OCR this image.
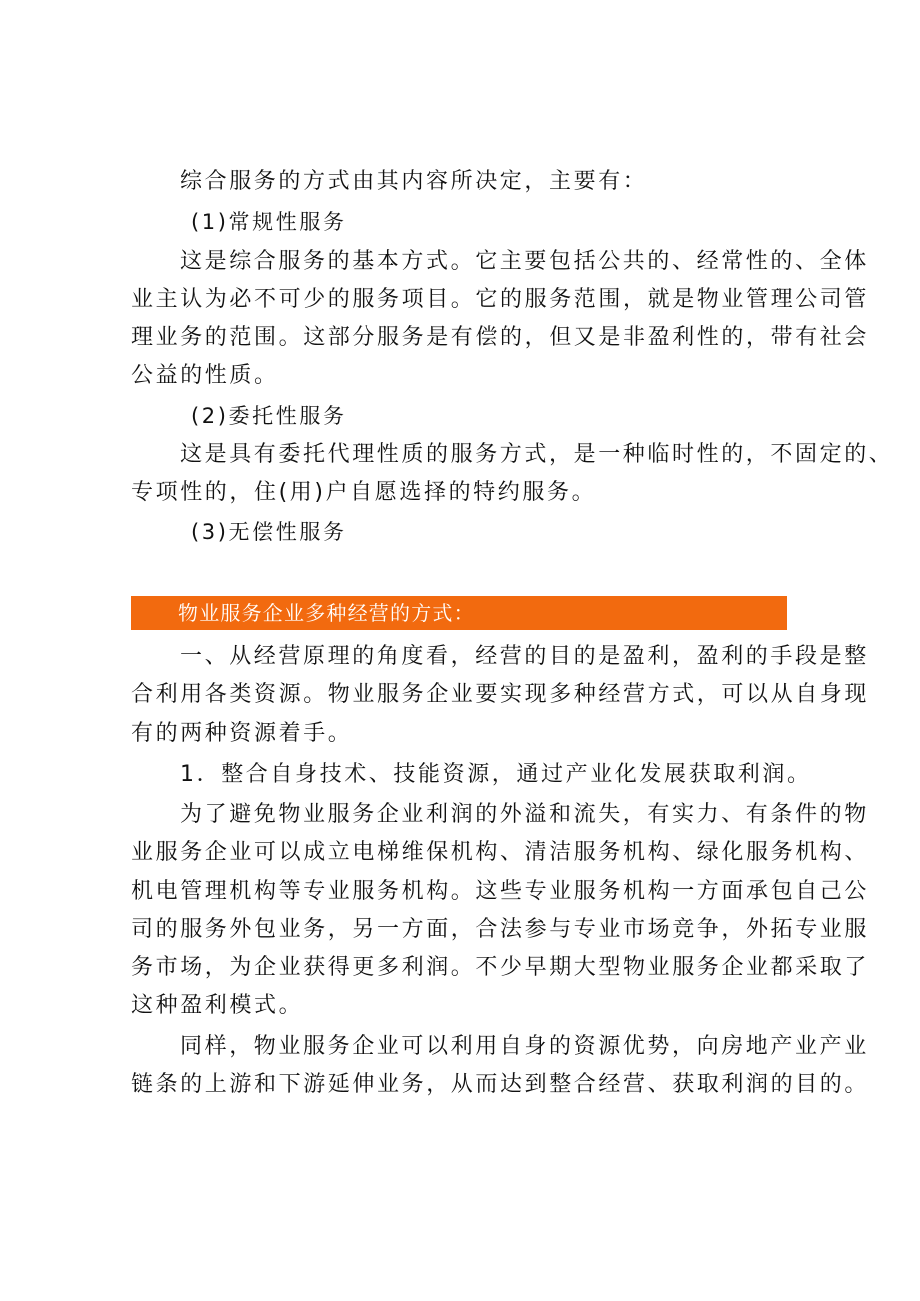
综合服务的方式由其内容所决定，主要有：

(1)常规性服务

这是综合服务的基本方式。它主要包括公共的、经常性的、全体

业主认为必不可少的服务项目。它的服务范围，就是物业管理公司管

理业务的范围。这部分服务是有偿的，但又是非盈利性的，带有社会

公益的性质。

(2)委托性服务

这是具有委托代理性质的服务方式，是一种临时性的，不固定的、

专项性的，住(用)户自愿选择的特约服务。

(3)无偿性服务

物业服务企业多种经营的方式：

一、从经营原理的角度看，经营的目的是盈利，盈利的手段是整

合利用各类资源。物业服务企业要实现多种经营方式，可以从自身现

有的两种资源着手。

1．整合自身技术、技能资源，通过产业化发展获取利润。

为了避免物业服务企业利润的外溢和流失，有实力、有条件的物

业服务企业可以成立电梯维保机构、清洁服务机构、绿化服务机构、

机电管理机构等专业服务机构。这些专业服务机构一方面承包自己公

司的服务外包业务，另一方面，合法参与专业市场竞争，外拓专业服

务市场，为企业获得更多利润。不少早期大型物业服务企业都采取了

这种盈利模式。

同样，物业服务企业可以利用自身的资源优势，向房地产业产业

链条的上游和下游延伸业务，从而达到整合经营、获取利润的目的。
